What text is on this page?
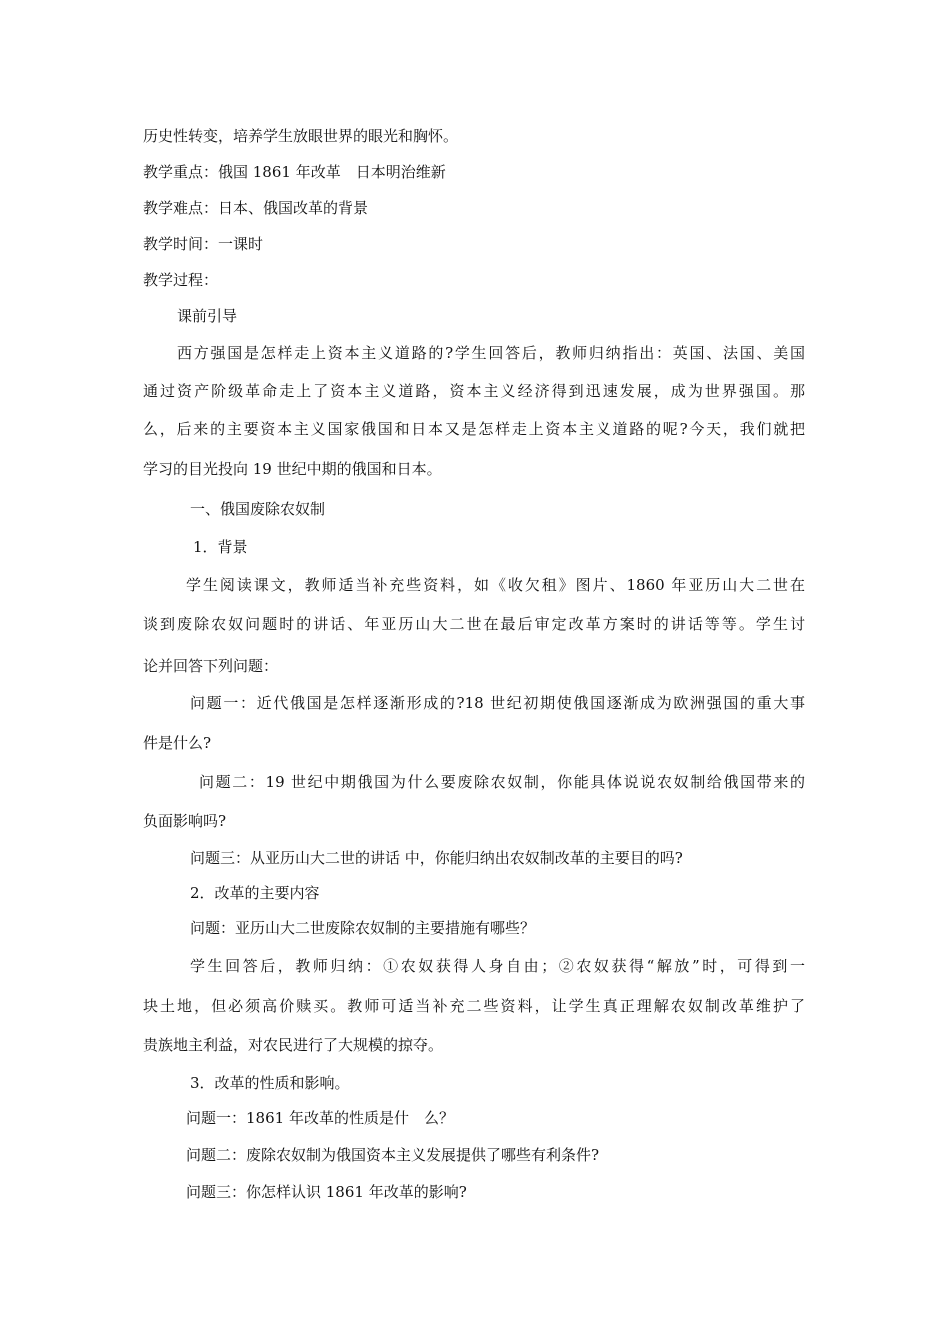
历史性转变，培养学生放眼世界的眼光和胸怀。
教学重点：俄国 1861 年改革　日本明治维新
教学难点：日本、俄国改革的背景
教学时间：一课时
教学过程：
课前引导
西方强国是怎样走上资本主义道路的?学生回答后，教师归纳指出：英国、法国、美国
通过资产阶级革命走上了资本主义道路，资本主义经济得到迅速发展，成为世界强国。那
么，后来的主要资本主义国家俄国和日本又是怎样走上资本主义道路的呢?今天，我们就把
学习的目光投向 19 世纪中期的俄国和日本。
一、俄国废除农奴制
1．背景
学生阅读课文，教师适当补充些资料，如《收欠租》图片、1860 年亚历山大二世在
谈到废除农奴问题时的讲话、年亚历山大二世在最后审定改革方案时的讲话等等。学生讨
论并回答下列问题：
问题一：近代俄国是怎样逐渐形成的?18 世纪初期使俄国逐渐成为欧洲强国的重大事
件是什么?
问题二：19 世纪中期俄国为什么要废除农奴制，你能具体说说农奴制给俄国带来的
负面影响吗?
问题三：从亚历山大二世的讲话 中，你能归纳出农奴制改革的主要目的吗?
2．改革的主要内容
问题：亚历山大二世废除农奴制的主要措施有哪些？
学生回答后，教师归纳：①农奴获得人身自由；②农奴获得“解放”时，可得到一
块土地，但必须高价赎买。教师可适当补充二些资料，让学生真正理解农奴制改革维护了
贵族地主利益，对农民进行了大规模的掠夺。
3．改革的性质和影响。
问题一：1861 年改革的性质是什　么？
问题二：废除农奴制为俄国资本主义发展提供了哪些有利条件?
问题三：你怎样认识 1861 年改革的影响?
